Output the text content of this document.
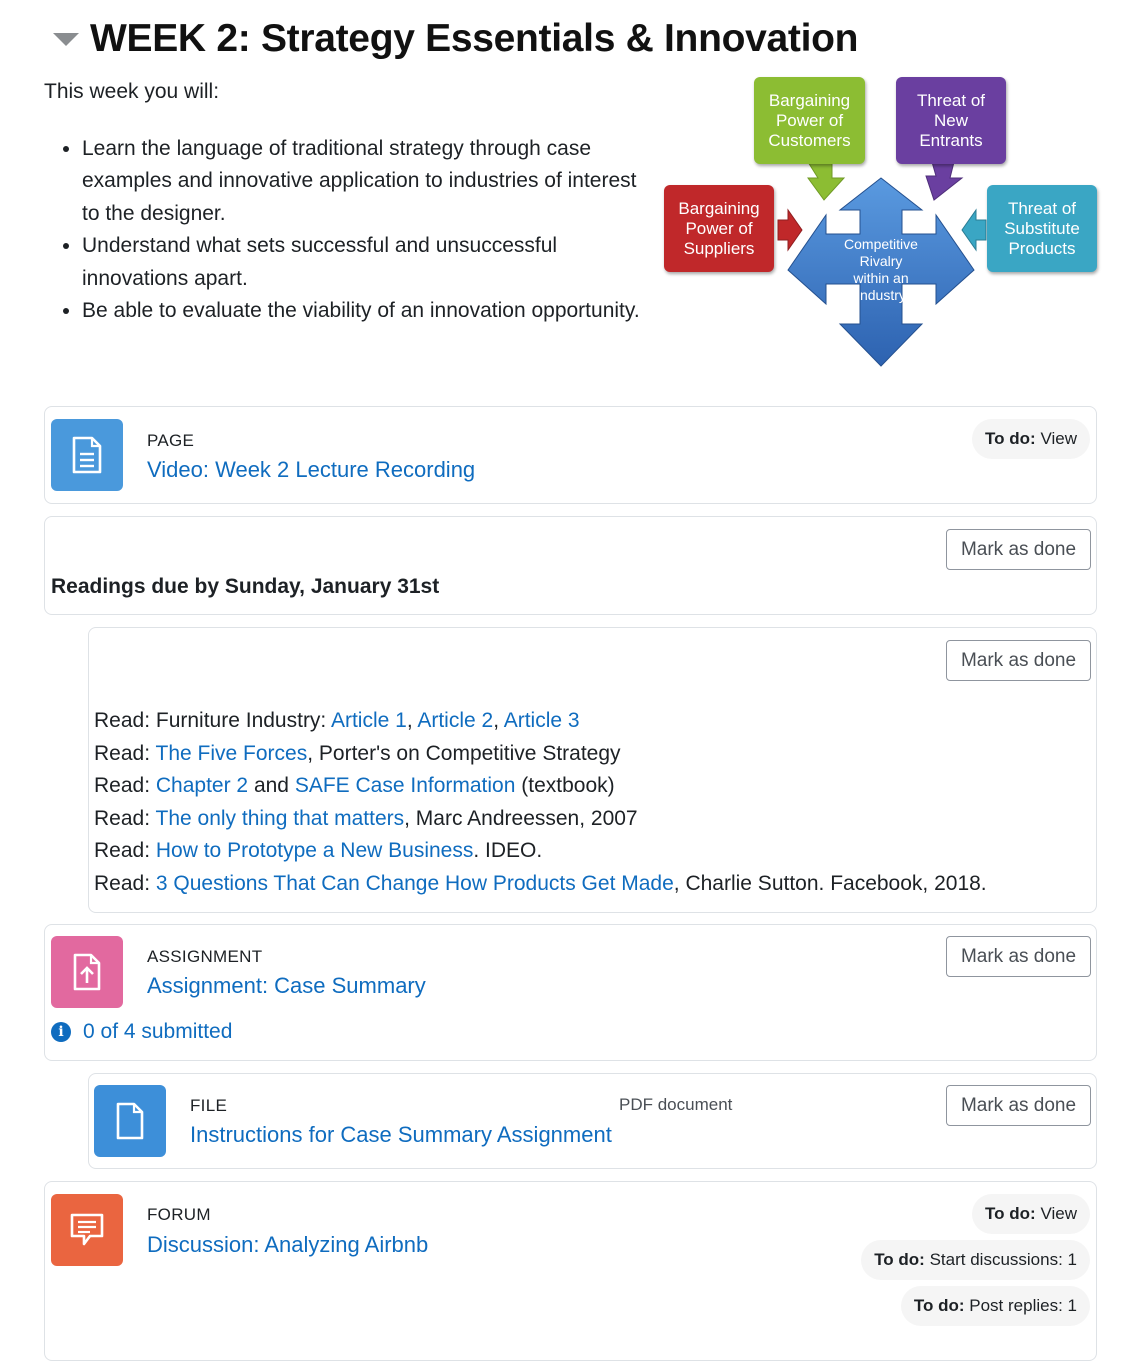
WEEK 2: Strategy Essentials & Innovation

This week you will:

• Learn the language of traditional strategy through case examples and innovative application to industries of interest to the designer.
• Understand what sets successful and unsuccessful innovations apart.
• Be able to evaluate the viability of an innovation opportunity.
Bargaining
Power of
Customers
Threat of
New
Entrants
Bargaining
Power of
Suppliers
Threat of
Substitute
Products
Competitive
Rivalry
within an
Industry
PAGE
Video: Week 2 Lecture Recording
To do: View
Mark as done
Readings due by Sunday, January 31st
Mark as done
Read: Furniture Industry: Article 1, Article 2, Article 3
Read: The Five Forces, Porter's on Competitive Strategy
Read: Chapter 2 and SAFE Case Information (textbook)
Read: The only thing that matters, Marc Andreessen, 2007
Read: How to Prototype a New Business. IDEO.
Read: 3 Questions That Can Change How Products Get Made, Charlie Sutton. Facebook, 2018.
ASSIGNMENT
Assignment: Case Summary
Mark as done
i 0 of 4 submitted
FILE	PDF document
Instructions for Case Summary Assignment
Mark as done
FORUM
Discussion: Analyzing Airbnb
To do: View
To do: Start discussions: 1
To do: Post replies: 1
